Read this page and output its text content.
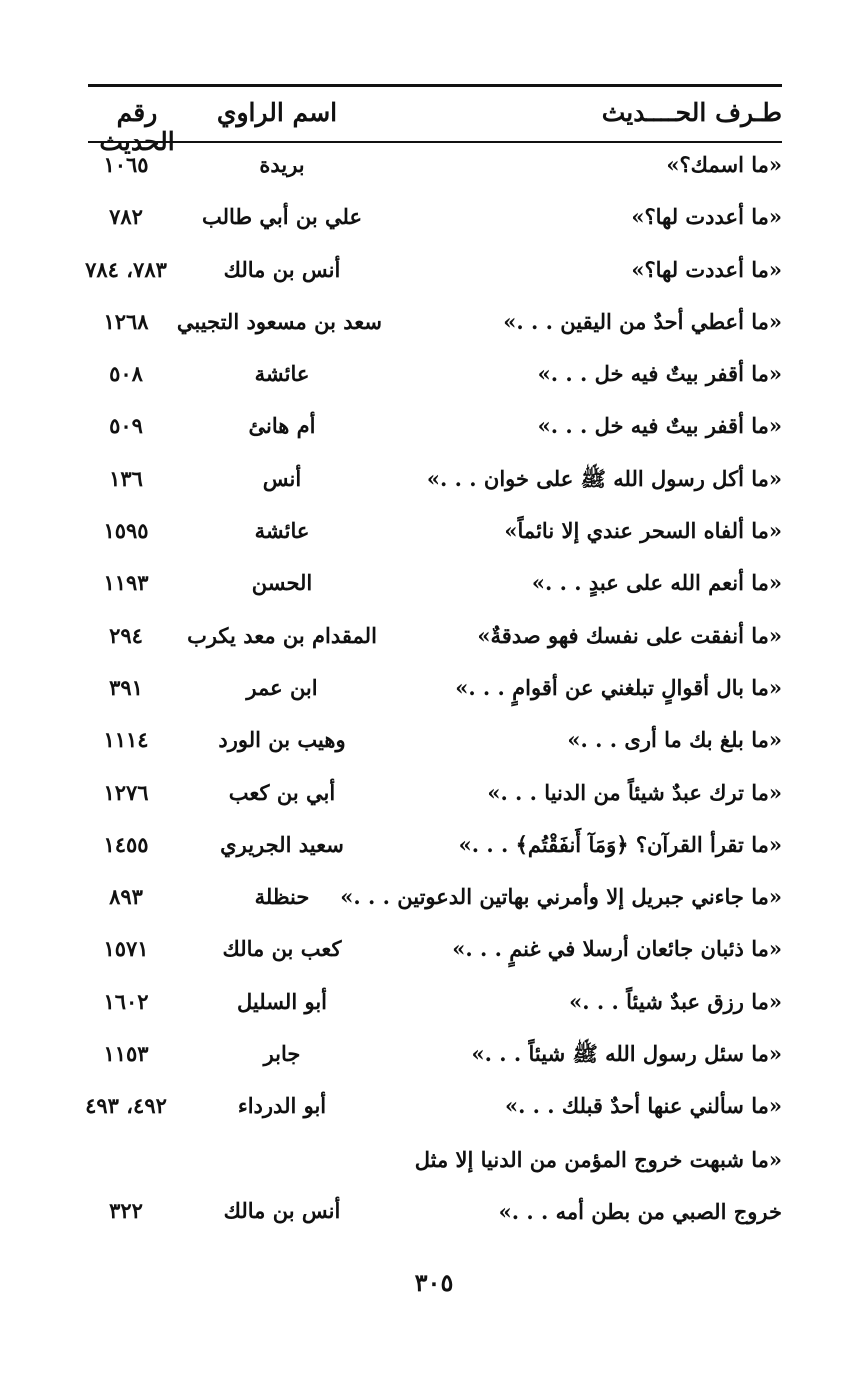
طـرف الحــــديث
اسم الراوي
رقم الحديث
«ما اسمك؟»
بريدة
١٠٦٥
«ما أعددت لها؟»
علي بن أبي طالب
٧٨٢
«ما أعددت لها؟»
أنس بن مالك
٧٨٣، ٧٨٤
«ما أعطي أحدٌ من اليقين . . .»
سعد بن مسعود التجيبي
١٢٦٨
«ما أقفر بيتٌ فيه خل . . .»
عائشة
٥٠٨
«ما أقفر بيتٌ فيه خل . . .»
أم هانئ
٥٠٩
«ما أكل رسول الله ﷺ على خوان . . .»
أنس
١٣٦
«ما ألفاه السحر عندي إلا نائماً»
عائشة
١٥٩٥
«ما أنعم الله على عبدٍ . . .»
الحسن
١١٩٣
«ما أنفقت على نفسك فهو صدقةٌ»
المقدام بن معد يكرب
٢٩٤
«ما بال أقوالٍ تبلغني عن أقوامٍ . . .»
ابن عمر
٣٩١
«ما بلغ بك ما أرى . . .»
وهيب بن الورد
١١١٤
«ما ترك عبدٌ شيئاً من الدنيا . . .»
أبي بن كعب
١٢٧٦
«ما تقرأ القرآن؟ ﴿وَمَآ أَنفَقْتُم﴾ . . .»
سعيد الجريري
١٤٥٥
«ما جاءني جبريل إلا وأمرني بهاتين الدعوتين . . .»
حنظلة
٨٩٣
«ما ذئبان جائعان أرسلا في غنمٍ . . .»
كعب بن مالك
١٥٧١
«ما رزق عبدٌ شيئاً . . .»
أبو السليل
١٦٠٢
«ما سئل رسول الله ﷺ شيئاً . . .»
جابر
١١٥٣
«ما سألني عنها أحدٌ قبلك . . .»
أبو الدرداء
٤٩٢، ٤٩٣
«ما شبهت خروج المؤمن من الدنيا إلا مثل خروج الصبي من بطن أمه . . .»
أنس بن مالك
٣٢٢
٣٠٥
